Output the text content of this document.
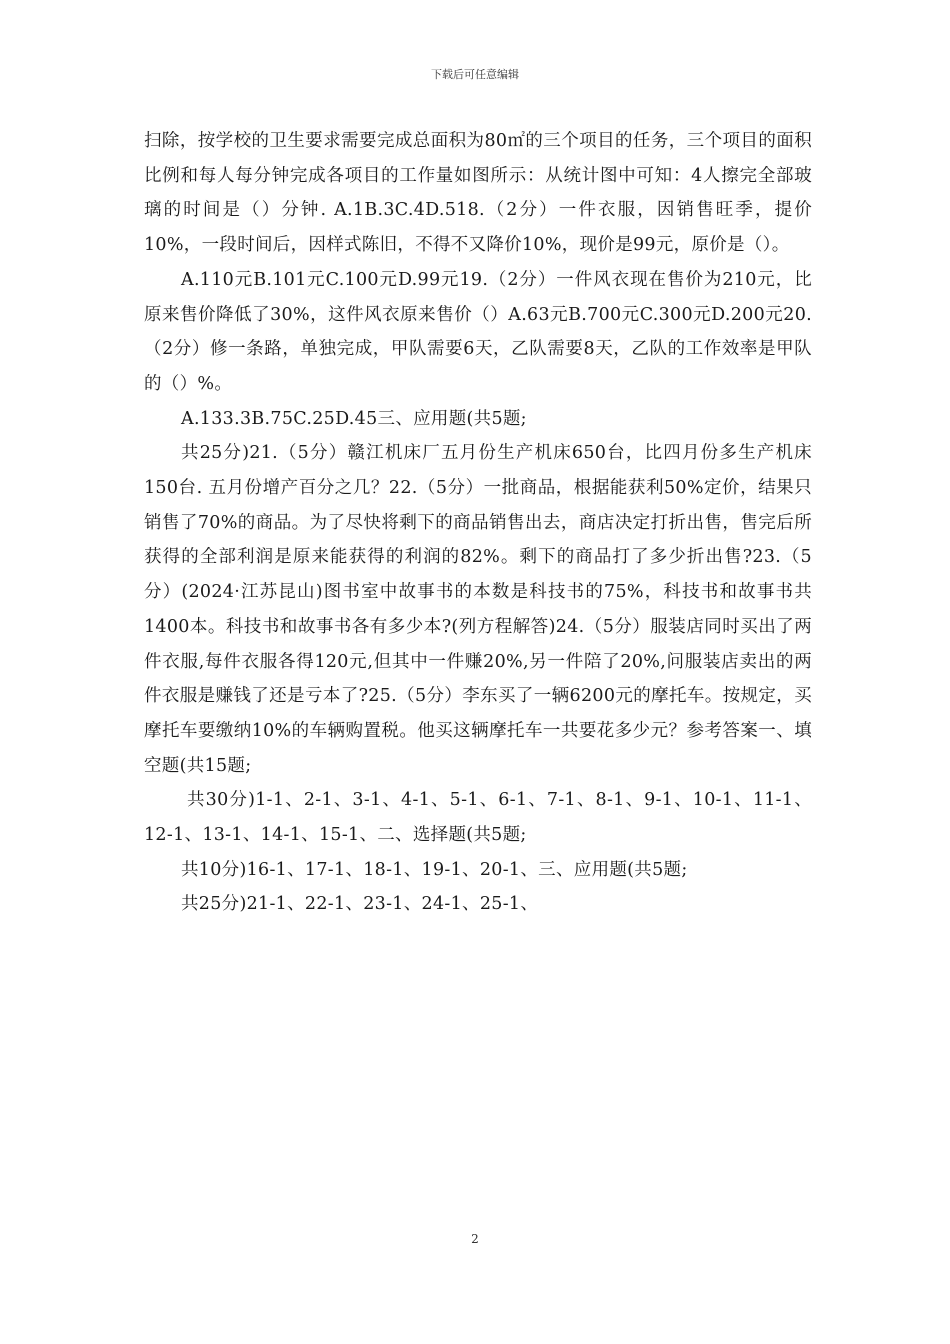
下载后可任意编辑

扫除，按学校的卫生要求需要完成总面积为80㎡的三个项目的任务，三个项目的面积比例和每人每分钟完成各项目的工作量如图所示：从统计图中可知：4人擦完全部玻璃的时间是（）分钟. A.1B.3C.4D.518.（2分）一件衣服，因销售旺季，提价10%，一段时间后，因样式陈旧，不得不又降价10%，现价是99元，原价是（）。

A.110元B.101元C.100元D.99元19.（2分）一件风衣现在售价为210元，比原来售价降低了30%，这件风衣原来售价（）A.63元B.700元C.300元D.200元20.（2分）修一条路，单独完成，甲队需要6天，乙队需要8天，乙队的工作效率是甲队的（）%。

A.133.3B.75C.25D.45三、应用题(共5题;

共25分)21.（5分）赣江机床厂五月份生产机床650台，比四月份多生产机床150台. 五月份增产百分之几？22.（5分）一批商品，根据能获利50%定价，结果只销售了70%的商品。为了尽快将剩下的商品销售出去，商店决定打折出售，售完后所获得的全部利润是原来能获得的利润的82%。剩下的商品打了多少折出售?23.（5分）(2024·江苏昆山)图书室中故事书的本数是科技书的75%，科技书和故事书共1400本。科技书和故事书各有多少本?(列方程解答)24.（5分）服装店同时买出了两件衣服,每件衣服各得120元,但其中一件赚20%,另一件陪了20%,问服装店卖出的两件衣服是赚钱了还是亏本了?25.（5分）李东买了一辆6200元的摩托车。按规定，买摩托车要缴纳10%的车辆购置税。他买这辆摩托车一共要花多少元？参考答案一、填空题(共15题;

共30分)1-1、2-1、3-1、4-1、5-1、6-1、7-1、8-1、9-1、10-1、11-1、12-1、13-1、14-1、15-1、二、选择题(共5题;

共10分)16-1、17-1、18-1、19-1、20-1、三、应用题(共5题;

共25分)21-1、22-1、23-1、24-1、25-1、

2
